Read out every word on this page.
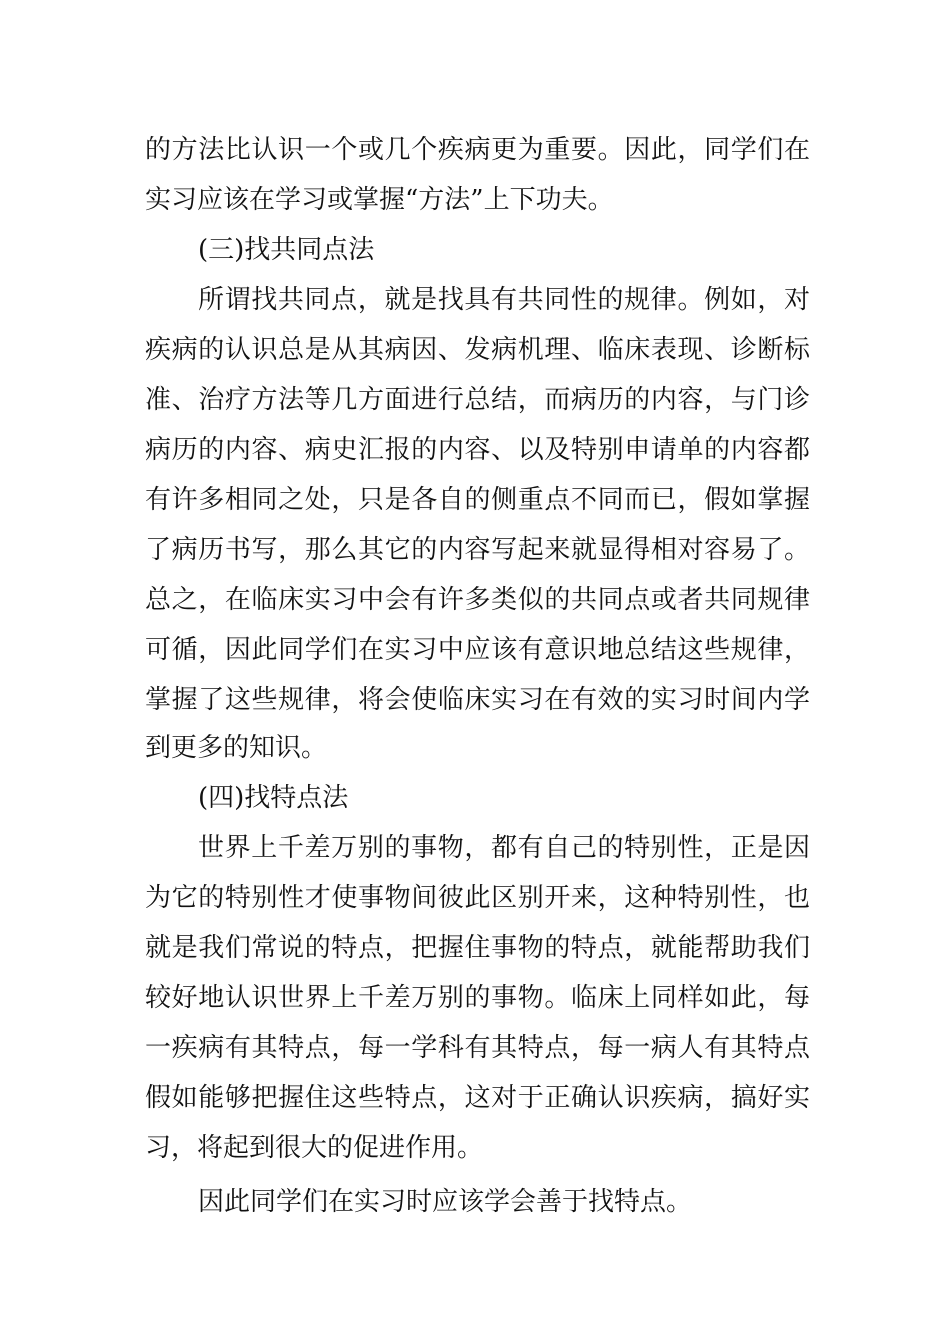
的方法比认识一个或几个疾病更为重要。因此，同学们在
实习应该在学习或掌握“方法”上下功夫。
(三)找共同点法
所谓找共同点，就是找具有共同性的规律。例如，对
疾病的认识总是从其病因、发病机理、临床表现、诊断标
准、治疗方法等几方面进行总结，而病历的内容，与门诊
病历的内容、病史汇报的内容、以及特别申请单的内容都
有许多相同之处，只是各自的侧重点不同而已，假如掌握
了病历书写，那么其它的内容写起来就显得相对容易了。
总之，在临床实习中会有许多类似的共同点或者共同规律
可循，因此同学们在实习中应该有意识地总结这些规律，
掌握了这些规律，将会使临床实习在有效的实习时间内学
到更多的知识。
(四)找特点法
世界上千差万别的事物，都有自己的特别性，正是因
为它的特别性才使事物间彼此区别开来，这种特别性，也
就是我们常说的特点，把握住事物的特点，就能帮助我们
较好地认识世界上千差万别的事物。临床上同样如此，每
一疾病有其特点，每一学科有其特点，每一病人有其特点
假如能够把握住这些特点，这对于正确认识疾病，搞好实
习，将起到很大的促进作用。
因此同学们在实习时应该学会善于找特点。
